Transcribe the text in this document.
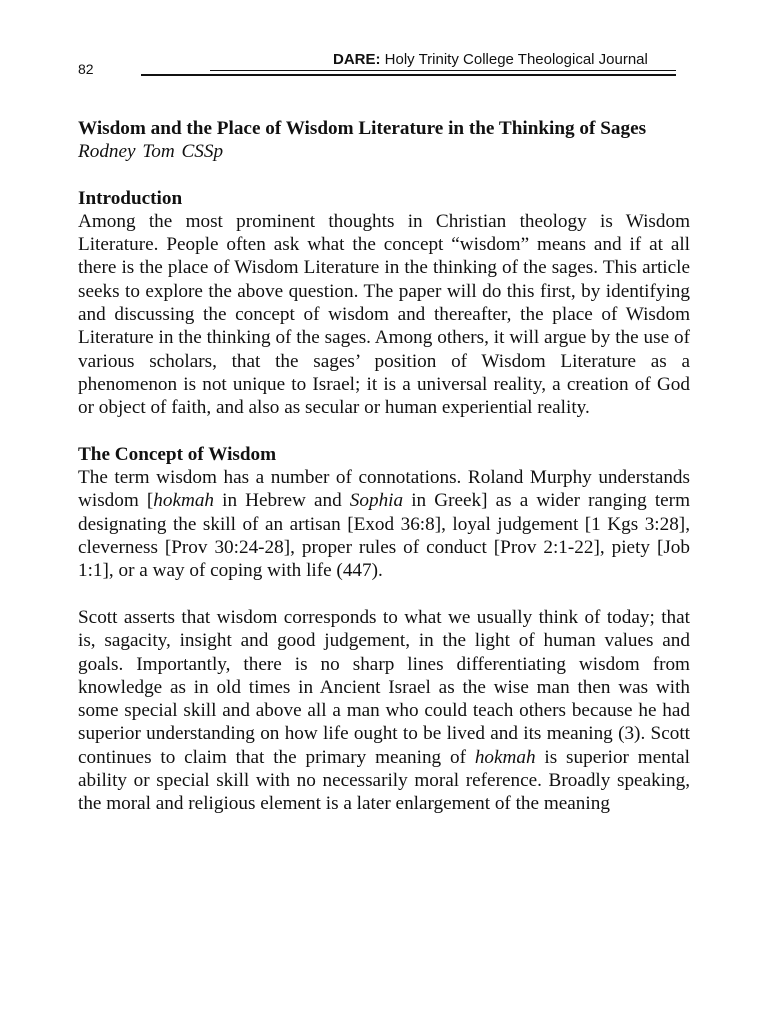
82
DARE: Holy Trinity College Theological Journal
Wisdom and the Place of Wisdom Literature in the Thinking of Sages
Rodney Tom CSSp
Introduction

Among the most prominent thoughts in Christian theology is Wisdom Literature. People often ask what the concept “wisdom” means and if at all there is the place of Wisdom Literature in the thinking of the sages. This article seeks to explore the above question. The paper will do this first, by identifying and discussing the concept of wisdom and thereafter, the place of Wisdom Literature in the thinking of the sages. Among others, it will argue by the use of various scholars, that the sages’ position of Wisdom Literature as a phenomenon is not unique to Israel; it is a universal reality, a creation of God or object of faith, and also as secular or human experiential reality.

The Concept of Wisdom

The term wisdom has a number of connotations. Roland Murphy understands wisdom [hokmah in Hebrew and Sophia in Greek] as a wider ranging term designating the skill of an artisan [Exod 36:8], loyal judgement [1 Kgs 3:28], cleverness [Prov 30:24-28], proper rules of conduct [Prov 2:1-22], piety [Job 1:1], or a way of coping with life (447).

Scott asserts that wisdom corresponds to what we usually think of today; that is, sagacity, insight and good judgement, in the light of human values and goals. Importantly, there is no sharp lines differentiating wisdom from knowledge as in old times in Ancient Israel as the wise man then was with some special skill and above all a man who could teach others because he had superior understanding on how life ought to be lived and its meaning (3). Scott continues to claim that the primary meaning of hokmah is superior mental ability or special skill with no necessarily moral reference. Broadly speaking, the moral and religious element is a later enlargement of the meaning
